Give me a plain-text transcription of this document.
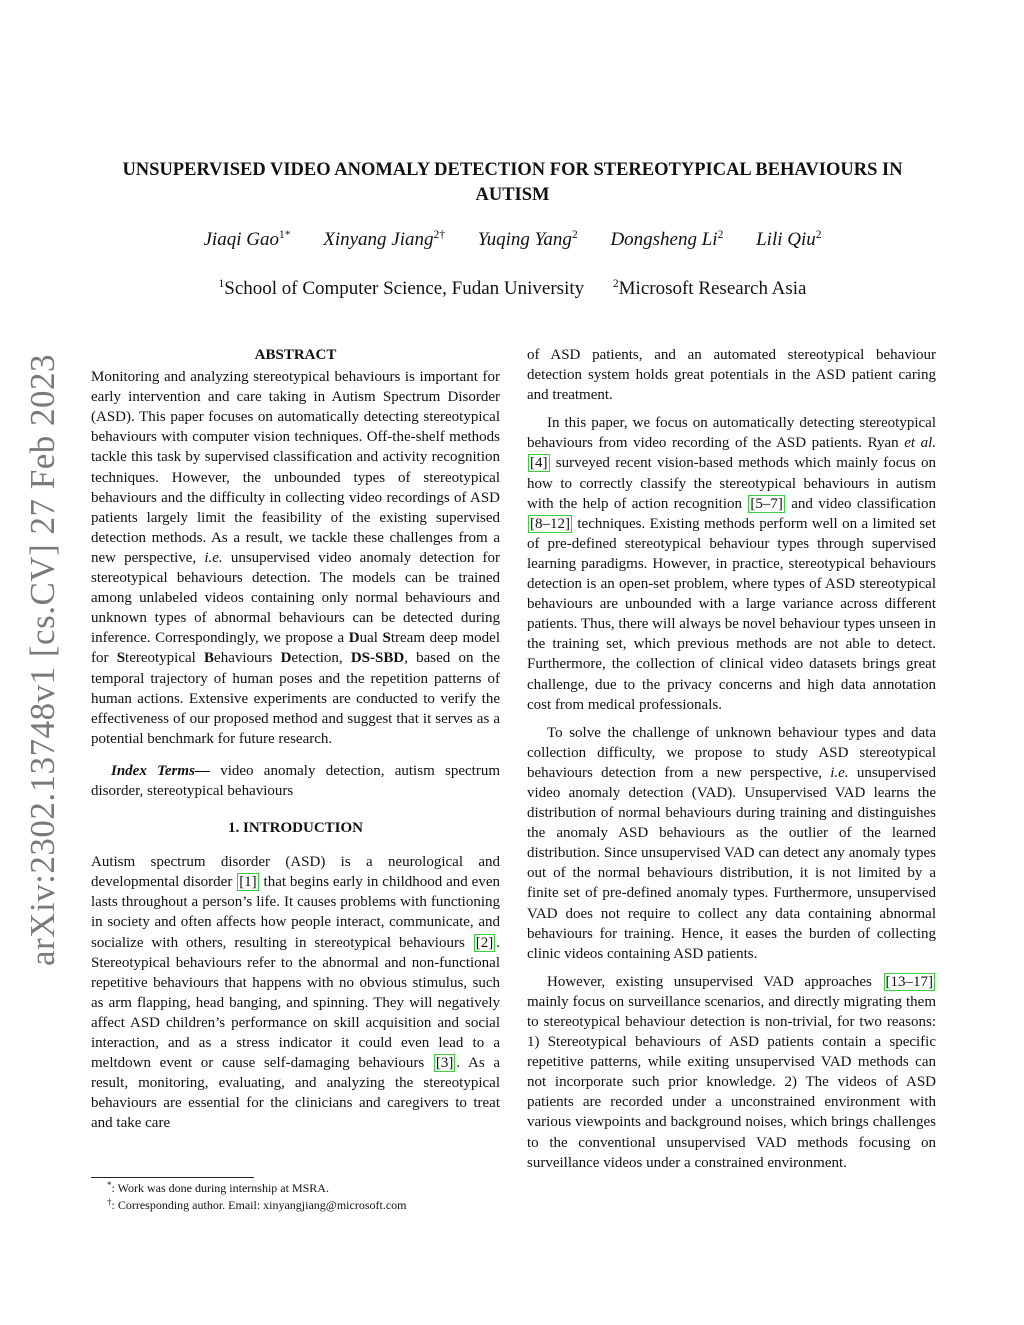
arXiv:2302.13748v1 [cs.CV] 27 Feb 2023
UNSUPERVISED VIDEO ANOMALY DETECTION FOR STEREOTYPICAL BEHAVIOURS IN
AUTISM
Jiaqi Gao$^{1*}$ Xinyang Jiang$^{2\dagger}$ Yuqing Yang$^2$ Dongsheng Li$^2$ Lili Qiu$^2$
$^1$School of Computer Science, Fudan University	$^2$Microsoft Research Asia
ABSTRACT

Monitoring and analyzing stereotypical behaviours is important for early intervention and care taking in Autism Spectrum Disorder (ASD). This paper focuses on automatically detecting stereotypical behaviours with computer vision techniques. Off-the-shelf methods tackle this task by supervised classification and activity recognition techniques. However, the unbounded types of stereotypical behaviours and the difficulty in collecting video recordings of ASD patients largely limit the feasibility of the existing supervised detection methods. As a result, we tackle these challenges from a new perspective, i.e. unsupervised video anomaly detection for stereotypical behaviours detection. The models can be trained among unlabeled videos containing only normal behaviours and unknown types of abnormal behaviours can be detected during inference. Correspondingly, we propose a Dual Stream deep model for Stereotypical Behaviours Detection, DS-SBD, based on the temporal trajectory of human poses and the repetition patterns of human actions. Extensive experiments are conducted to verify the effectiveness of our proposed method and suggest that it serves as a potential benchmark for future research.

Index Terms— video anomaly detection, autism spectrum disorder, stereotypical behaviours

1. INTRODUCTION

Autism spectrum disorder (ASD) is a neurological and developmental disorder [1] that begins early in childhood and even lasts throughout a person’s life. It causes problems with functioning in society and often affects how people interact, communicate, and socialize with others, resulting in stereotypical behaviours [2] . Stereotypical behaviours refer to the abnormal and non-functional repetitive behaviours that happens with no obvious stimulus, such as arm flapping, head banging, and spinning. They will negatively affect ASD children’s performance on skill acquisition and social interaction, and as a stress indicator it could even lead to a meltdown event or cause self-damaging behaviours [3] . As a result, monitoring, evaluating, and analyzing the stereotypical behaviours are essential for the clinicians and caregivers to treat and take care

of ASD patients, and an automated stereotypical behaviour detection system holds great potentials in the ASD patient caring and treatment.

In this paper, we focus on automatically detecting stereotypical behaviours from video recording of the ASD patients. Ryan et al. [4] surveyed recent vision-based methods which mainly focus on how to correctly classify the stereotypical behaviours in autism with the help of action recognition [5–7] and video classification [8–12] techniques. Existing methods perform well on a limited set of pre-defined stereotypical behaviour types through supervised learning paradigms. However, in practice, stereotypical behaviours detection is an open-set problem, where types of ASD stereotypical behaviours are unbounded with a large variance across different patients. Thus, there will always be novel behaviour types unseen in the training set, which previous methods are not able to detect. Furthermore, the collection of clinical video datasets brings great challenge, due to the privacy concerns and high data annotation cost from medical professionals.

To solve the challenge of unknown behaviour types and data collection difficulty, we propose to study ASD stereotypical behaviours detection from a new perspective, i.e. unsupervised video anomaly detection (VAD). Unsupervised VAD learns the distribution of normal behaviours during training and distinguishes the anomaly ASD behaviours as the outlier of the learned distribution. Since unsupervised VAD can detect any anomaly types out of the normal behaviours distribution, it is not limited by a finite set of pre-defined anomaly types. Furthermore, unsupervised VAD does not require to collect any data containing abnormal behaviours for training. Hence, it eases the burden of collecting clinic videos containing ASD patients.

However, existing unsupervised VAD approaches [13–17] mainly focus on surveillance scenarios, and directly migrating them to stereotypical behaviour detection is non-trivial, for two reasons: 1) Stereotypical behaviours of ASD patients contain a specific repetitive patterns, while exiting unsupervised VAD methods can not incorporate such prior knowledge. 2) The videos of ASD patients are recorded under a unconstrained environment with various viewpoints and background noises, which brings challenges to the conventional unsupervised VAD methods focusing on surveillance videos under a constrained environment.

*: Work was done during internship at MSRA.
†: Corresponding author. Email: xinyangjiang@microsoft.com
